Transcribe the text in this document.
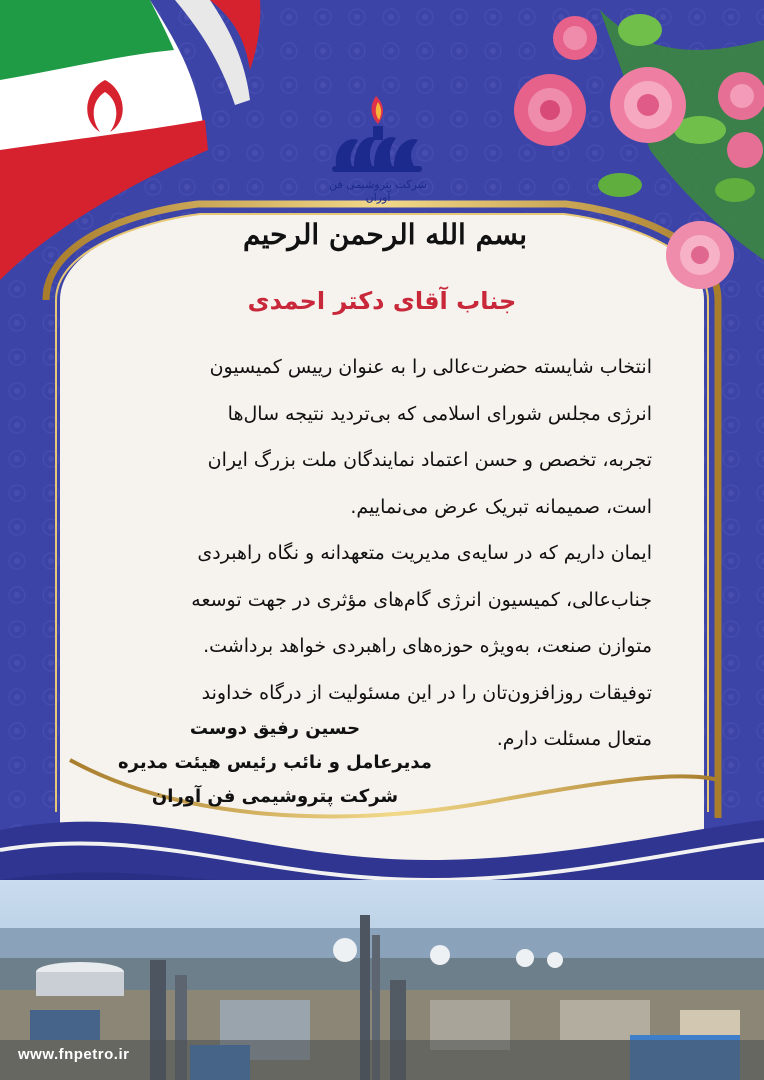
شرکت پتروشیمی فن آوران
بسم الله الرحمن الرحیم
جناب آقای دکتر احمدی

انتخاب شایسته حضرت‌عالی را به عنوان رییس کمیسیون

انرژی مجلس شورای اسلامی که بی‌تردید نتیجه سال‌ها

تجربه، تخصص و حسن اعتماد نمایندگان ملت بزرگ ایران

است، صمیمانه تبریک عرض می‌نماییم.

ایمان داریم که در سایه‌ی مدیریت متعهدانه و نگاه راهبردی

جناب‌عالی، کمیسیون انرژی گام‌های مؤثری در جهت توسعه

متوازن صنعت، به‌ویژه حوزه‌های راهبردی خواهد برداشت.

توفیقات روزافزون‌تان را در این مسئولیت از درگاه خداوند

متعال مسئلت دارم.

حسین رفیق دوست
مدیرعامل و نائب رئیس هیئت مدیره
شرکت پتروشیمی فن آوران
www.fnpetro.ir
